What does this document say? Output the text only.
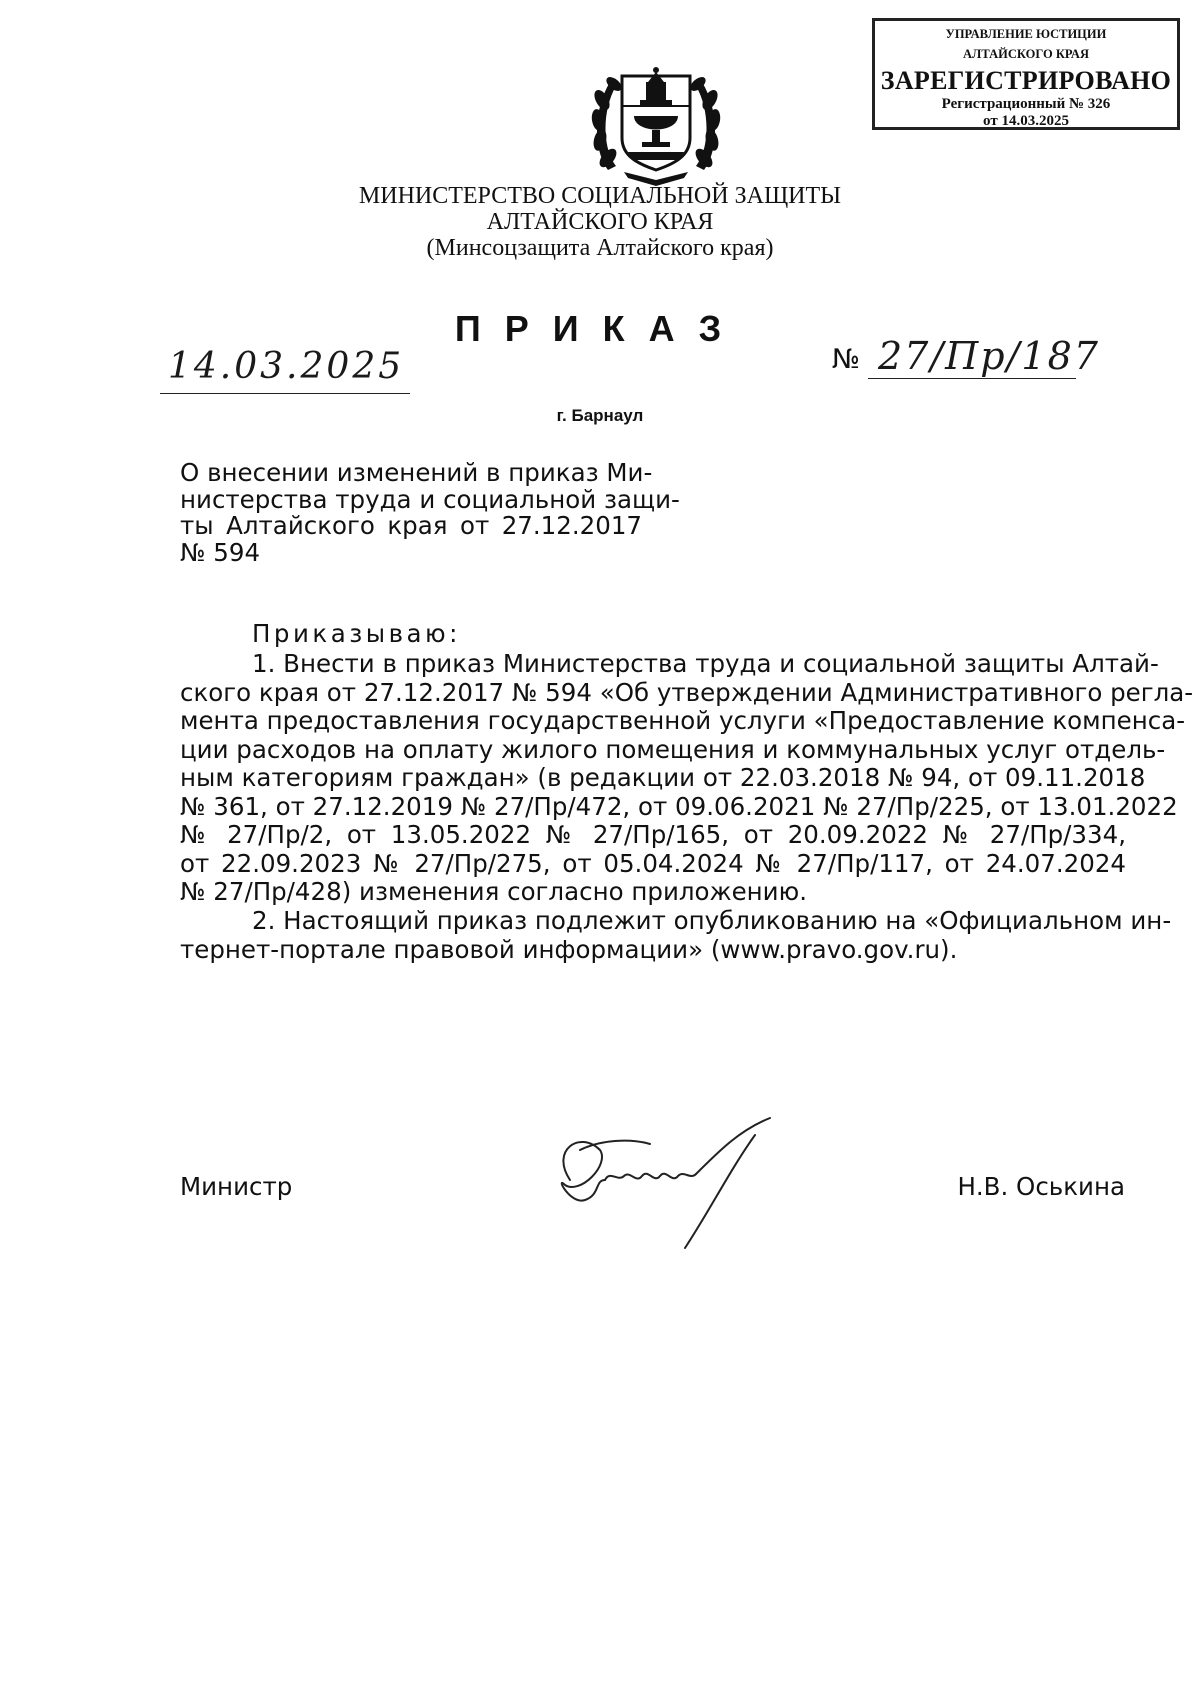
УПРАВЛЕНИЕ ЮСТИЦИИ
АЛТАЙСКОГО КРАЯ
ЗАРЕГИСТРИРОВАНО
Регистрационный № 326
от 14.03.2025
МИНИСТЕРСТВО СОЦИАЛЬНОЙ ЗАЩИТЫ
АЛТАЙСКОГО КРАЯ
(Минсоцзащита Алтайского края)
ПРИКАЗ
14.03.2025	№ 27/Пр/187
г. Барнаул
О внесении изменений в приказ Ми-
нистерства труда и социальной защи-
ты Алтайского края от 27.12.2017
№ 594
Приказываю:
1. Внести в приказ Министерства труда и социальной защиты Алтай-
ского края от 27.12.2017 № 594 «Об утверждении Административного регла-
мента предоставления государственной услуги «Предоставление компенса-
ции расходов на оплату жилого помещения и коммунальных услуг отдель-
ным категориям граждан» (в редакции от 22.03.2018 № 94, от 09.11.2018
№ 361, от 27.12.2019 № 27/Пр/472, от 09.06.2021 № 27/Пр/225, от 13.01.2022
№ 27/Пр/2, от 13.05.2022 № 27/Пр/165, от 20.09.2022 № 27/Пр/334,
от 22.09.2023 № 27/Пр/275, от 05.04.2024 № 27/Пр/117, от 24.07.2024
№ 27/Пр/428) изменения согласно приложению.
2. Настоящий приказ подлежит опубликованию на «Официальном ин-
тернет-портале правовой информации» (www.pravo.gov.ru).
Министр	Н.В. Оськина
